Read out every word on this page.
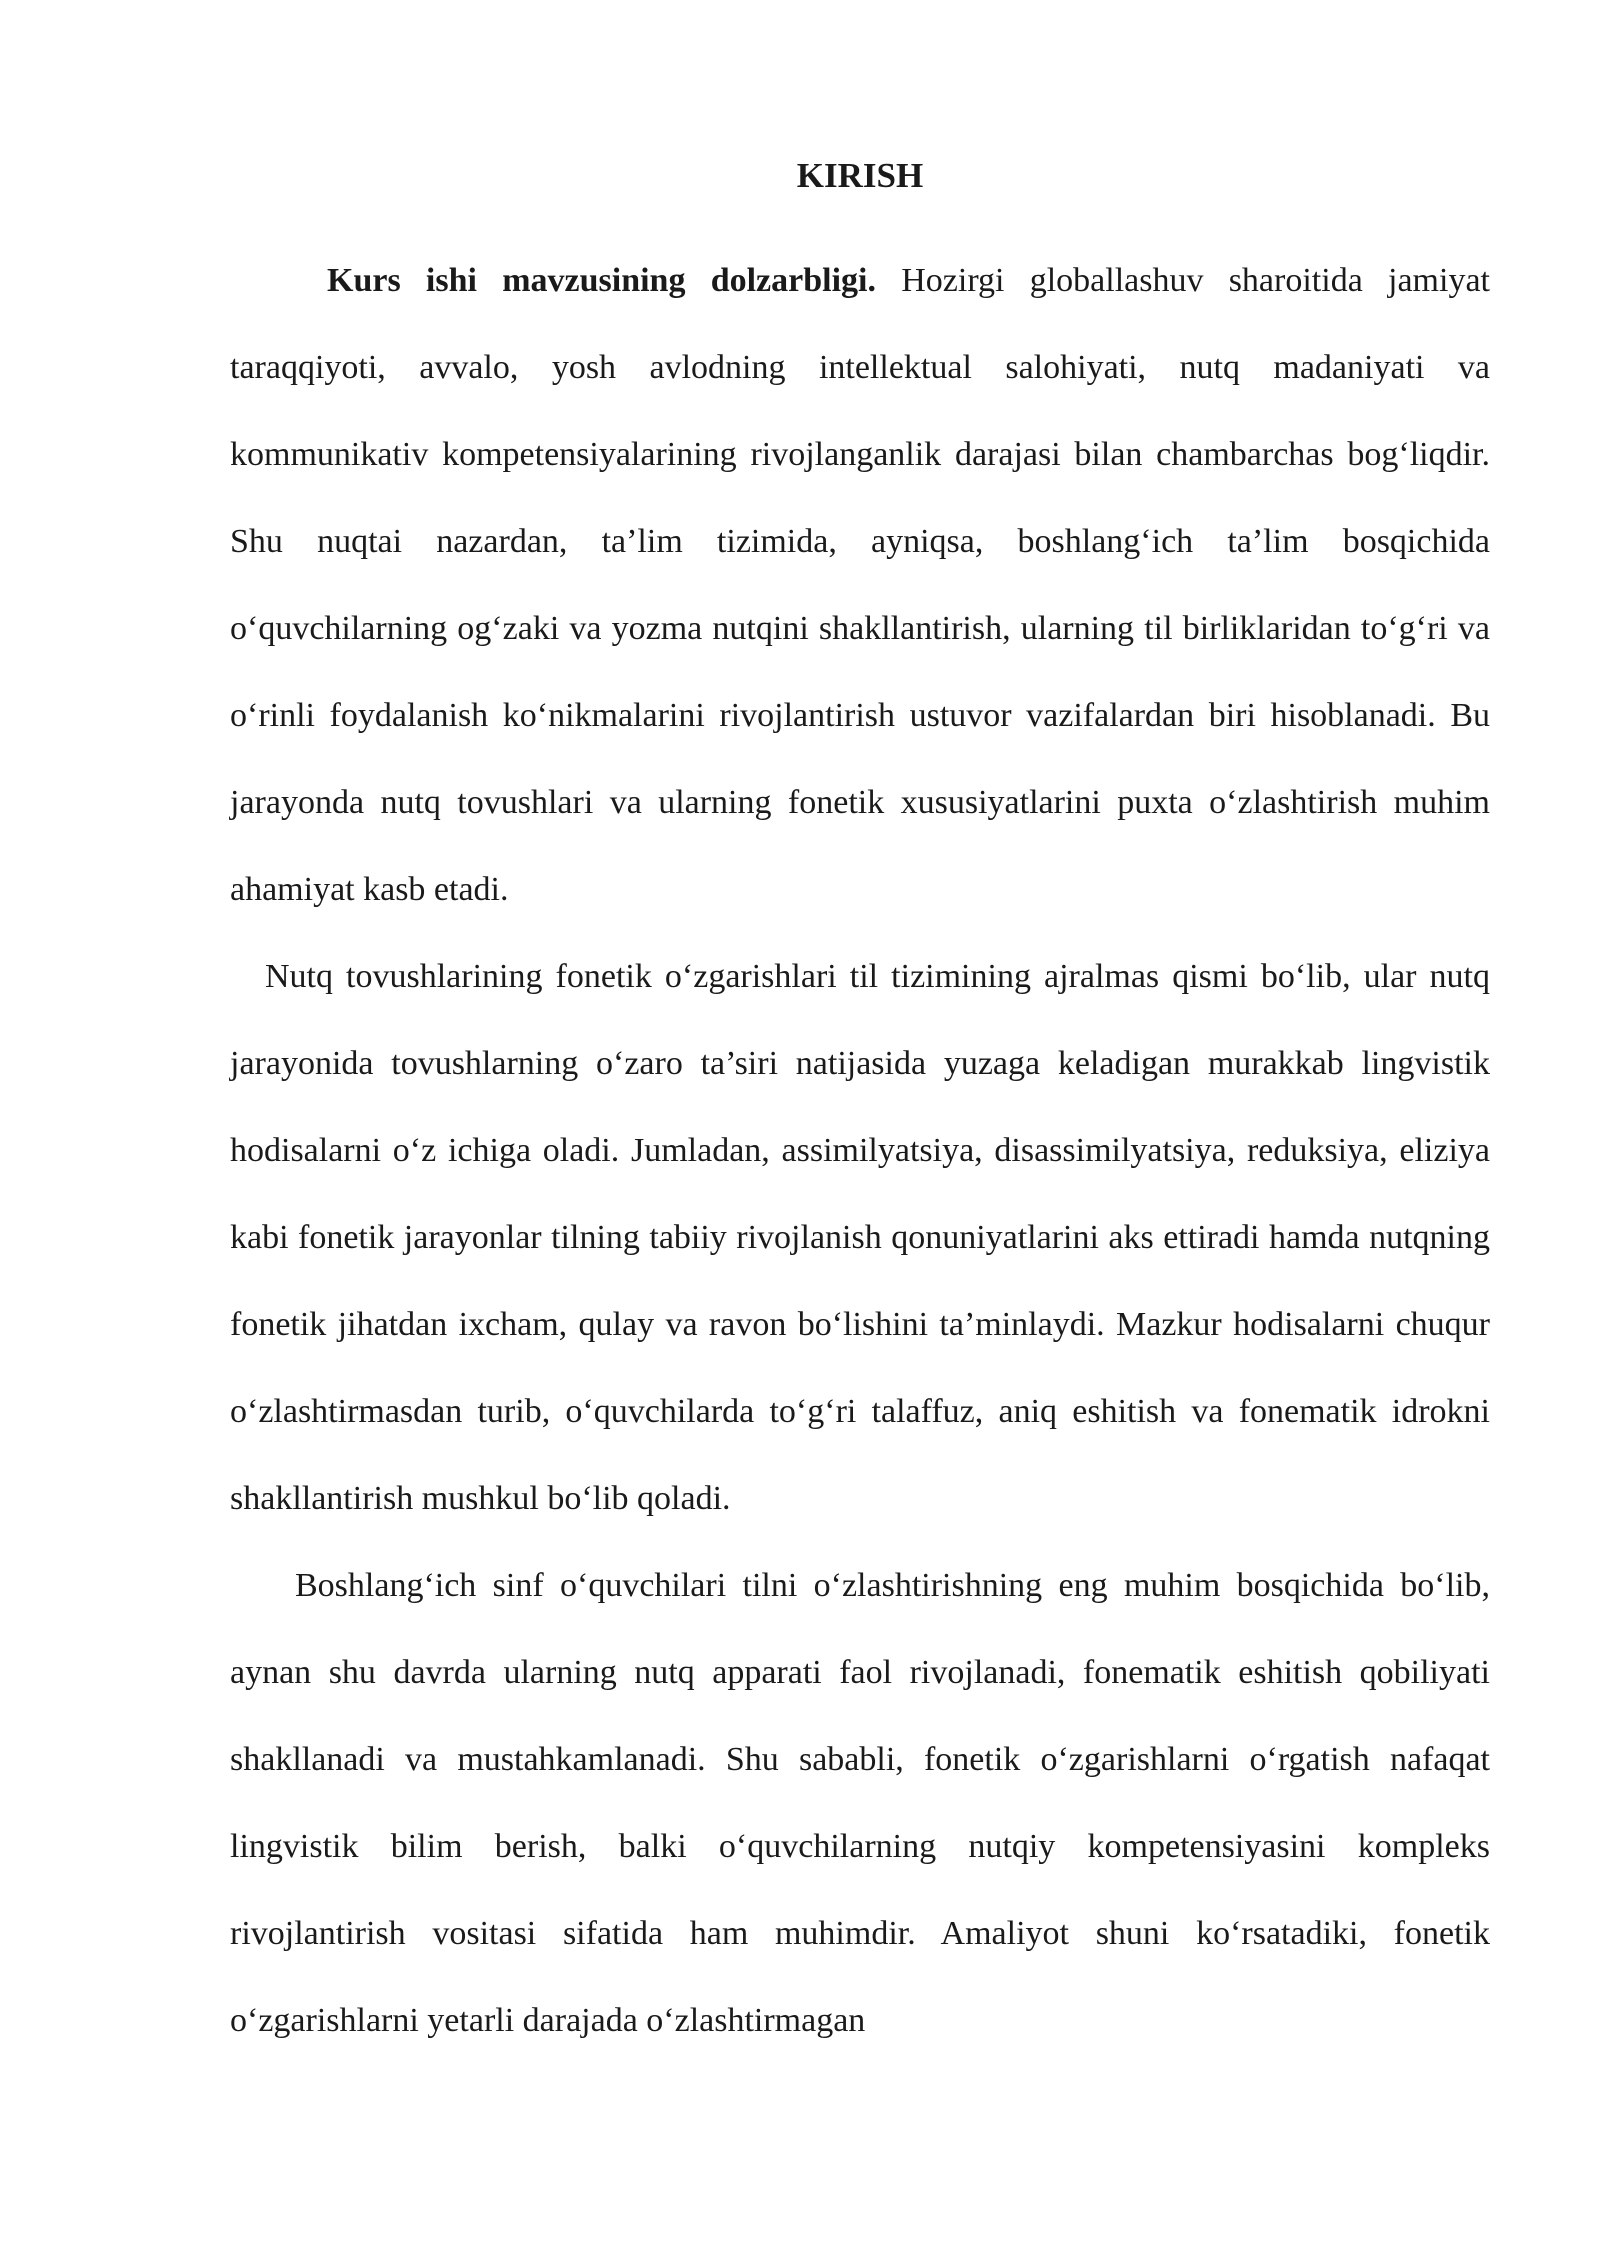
KIRISH

Kurs ishi mavzusining dolzarbligi. Hozirgi globallashuv sharoitida jamiyat taraqqiyoti, avvalo, yosh avlodning intellektual salohiyati, nutq madaniyati va kommunikativ kompetensiyalarining rivojlanganlik darajasi bilan chambarchas bog‘liqdir. Shu nuqtai nazardan, ta’lim tizimida, ayniqsa, boshlang‘ich ta’lim bosqichida o‘quvchilarning og‘zaki va yozma nutqini shakllantirish, ularning til birliklaridan to‘g‘ri va o‘rinli foydalanish ko‘nikmalarini rivojlantirish ustuvor vazifalardan biri hisoblanadi. Bu jarayonda nutq tovushlari va ularning fonetik xususiyatlarini puxta o‘zlashtirish muhim ahamiyat kasb etadi.

Nutq tovushlarining fonetik o‘zgarishlari til tizimining ajralmas qismi bo‘lib, ular nutq jarayonida tovushlarning o‘zaro ta’siri natijasida yuzaga keladigan murakkab lingvistik hodisalarni o‘z ichiga oladi. Jumladan, assimilyatsiya, disassimilyatsiya, reduksiya, eliziya kabi fonetik jarayonlar tilning tabiiy rivojlanish qonuniyatlarini aks ettiradi hamda nutqning fonetik jihatdan ixcham, qulay va ravon bo‘lishini ta’minlaydi. Mazkur hodisalarni chuqur o‘zlashtirmasdan turib, o‘quvchilarda to‘g‘ri talaffuz, aniq eshitish va fonematik idrokni shakllantirish mushkul bo‘lib qoladi.

Boshlang‘ich sinf o‘quvchilari tilni o‘zlashtirishning eng muhim bosqichida bo‘lib, aynan shu davrda ularning nutq apparati faol rivojlanadi, fonematik eshitish qobiliyati shakllanadi va mustahkamlanadi. Shu sababli, fonetik o‘zgarishlarni o‘rgatish nafaqat lingvistik bilim berish, balki o‘quvchilarning nutqiy kompetensiyasini kompleks rivojlantirish vositasi sifatida ham muhimdir. Amaliyot shuni ko‘rsatadiki, fonetik o‘zgarishlarni yetarli darajada o‘zlashtirmagan
